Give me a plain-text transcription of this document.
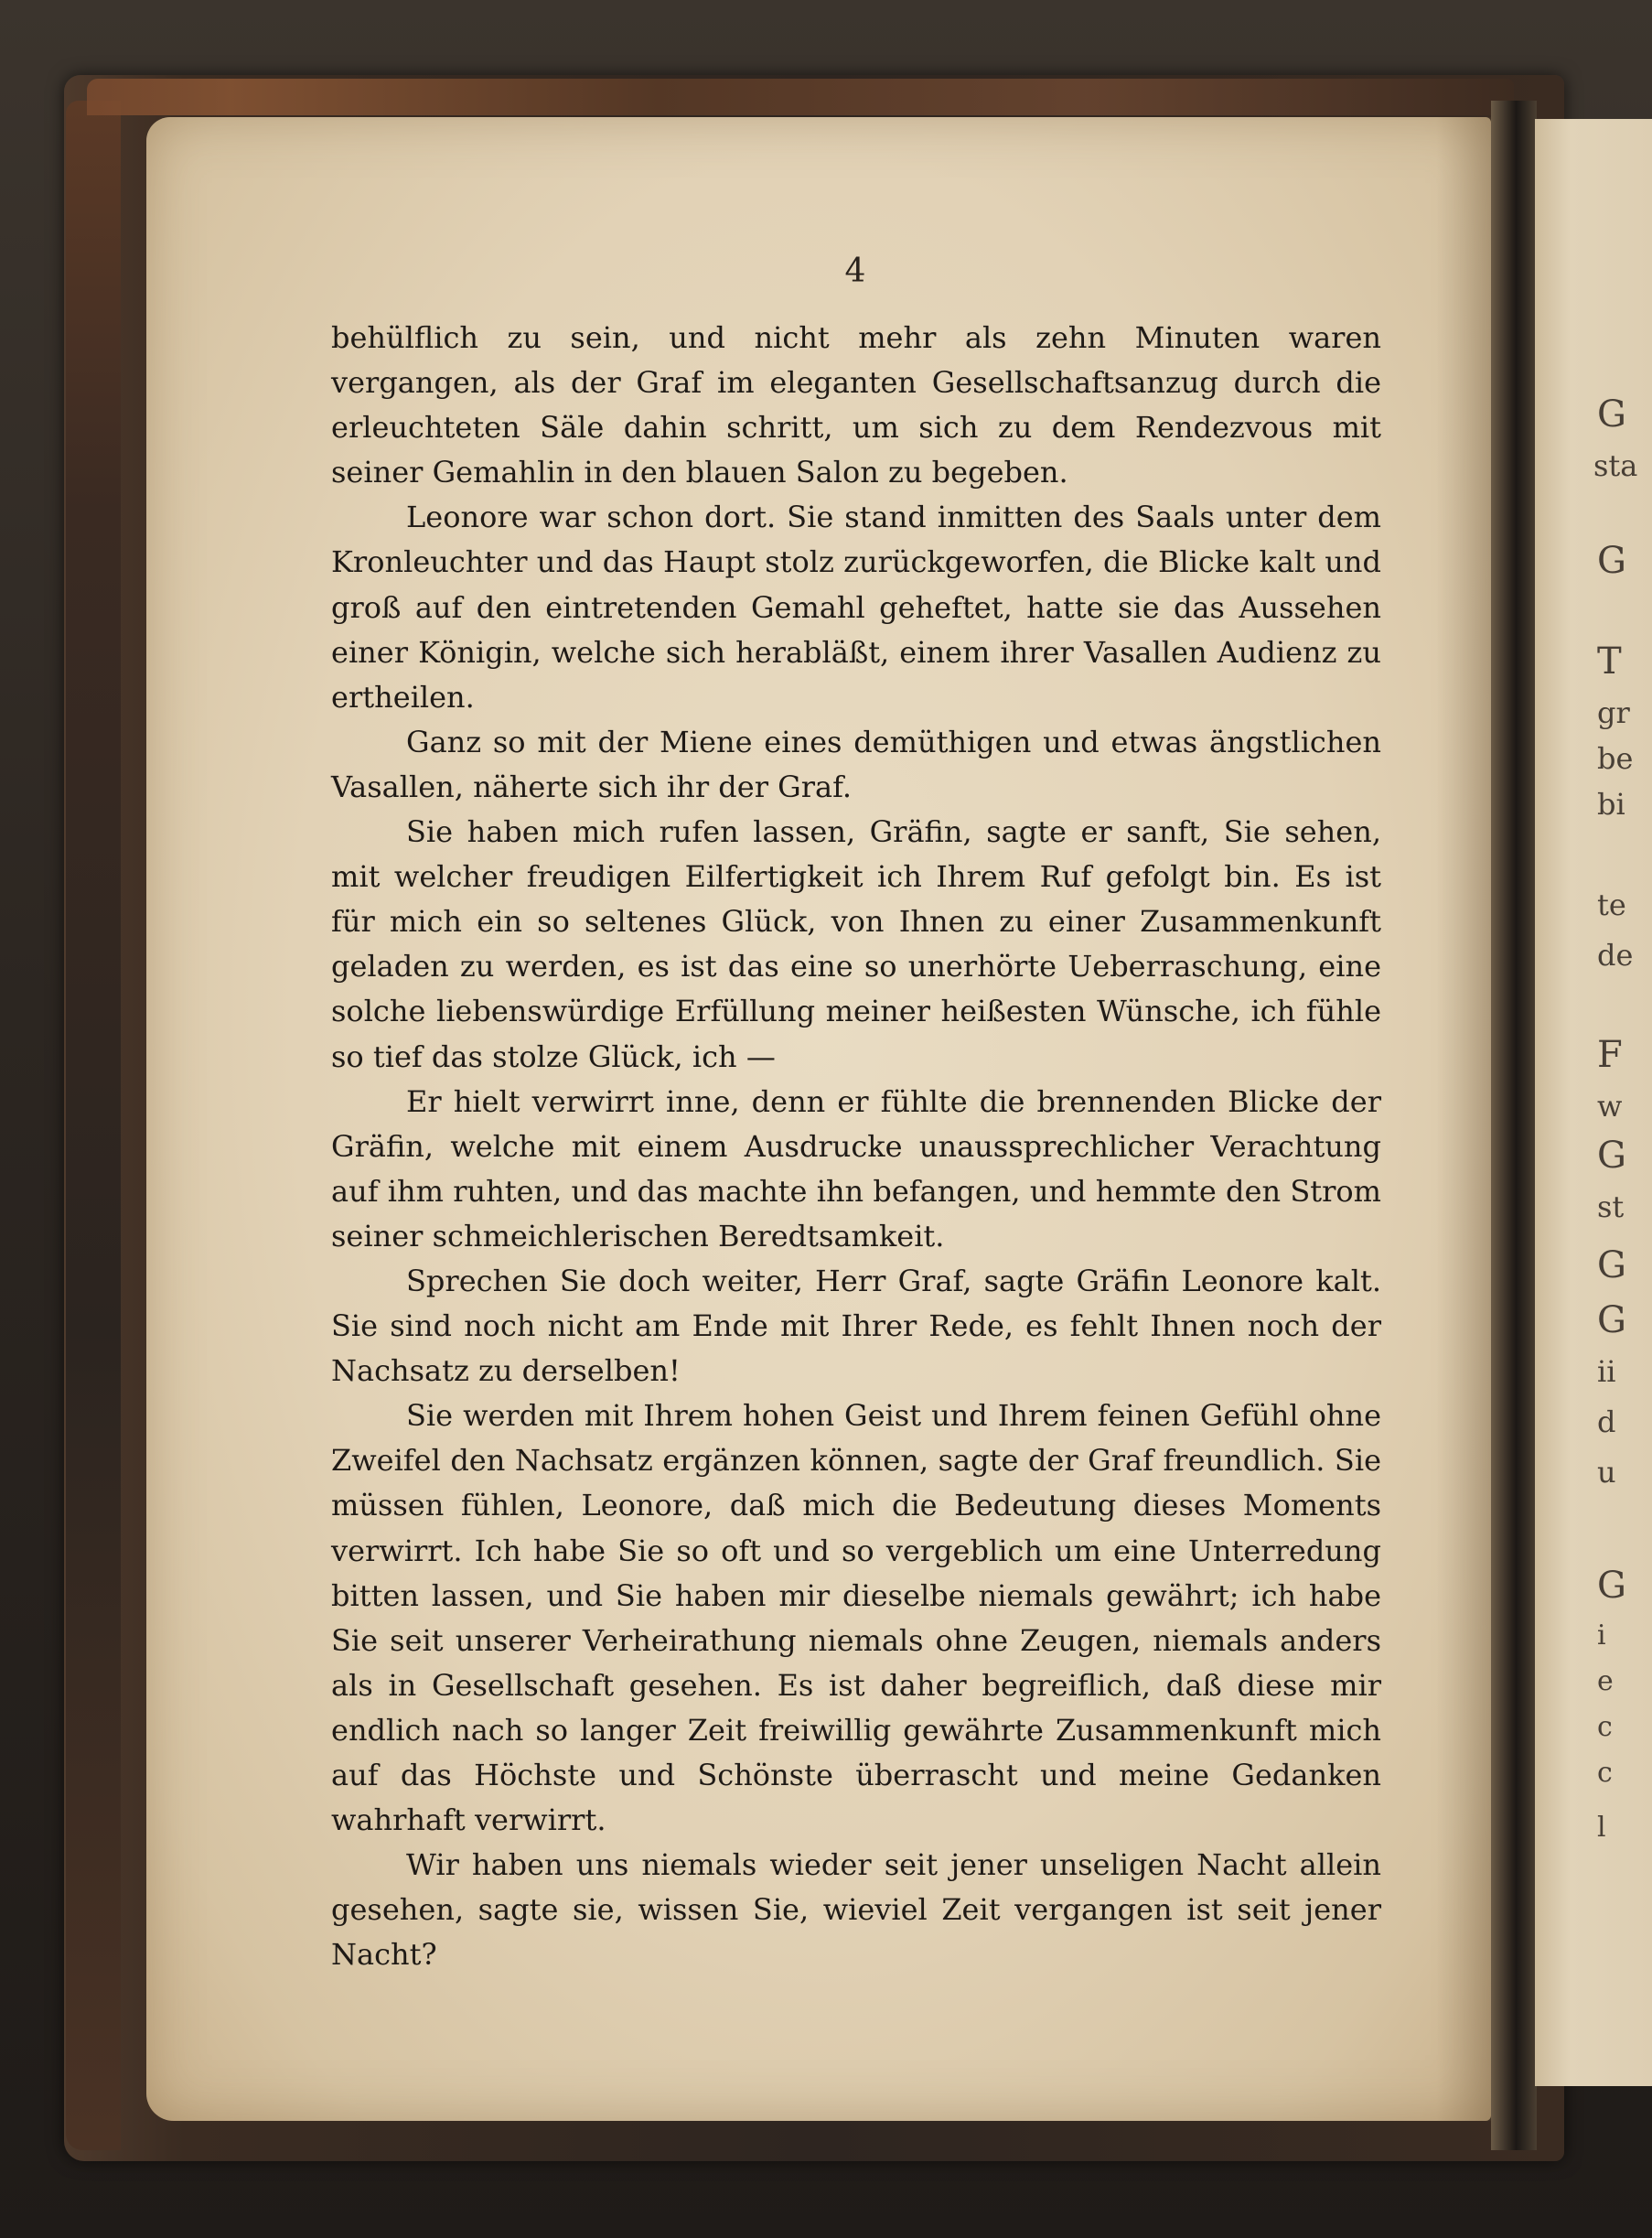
G
sta
G
T
gr
be
bi
te
de
F
w
G
st
G
G
ii
d
u
G
i
e
c
c
l
4

behülflich zu sein, und nicht mehr als zehn Minuten waren vergangen, als der Graf im eleganten Gesellschaftsanzug durch die erleuchteten Säle dahin schritt, um sich zu dem Rendezvous mit seiner Gemahlin in den blauen Salon zu begeben.

Leonore war schon dort. Sie stand inmitten des Saals unter dem Kronleuchter und das Haupt stolz zurückgeworfen, die Blicke kalt und groß auf den eintretenden Gemahl geheftet, hatte sie das Aussehen einer Königin, welche sich herabläßt, einem ihrer Vasallen Audienz zu ertheilen.

Ganz so mit der Miene eines demüthigen und etwas ängstlichen Vasallen, näherte sich ihr der Graf.

Sie haben mich rufen lassen, Gräfin, sagte er sanft, Sie sehen, mit welcher freudigen Eilfertigkeit ich Ihrem Ruf gefolgt bin. Es ist für mich ein so seltenes Glück, von Ihnen zu einer Zusammenkunft geladen zu werden, es ist das eine so unerhörte Ueberraschung, eine solche liebenswürdige Erfüllung meiner heißesten Wünsche, ich fühle so tief das stolze Glück, ich —

Er hielt verwirrt inne, denn er fühlte die brennenden Blicke der Gräfin, welche mit einem Ausdrucke unaussprechlicher Verachtung auf ihm ruhten, und das machte ihn befangen, und hemmte den Strom seiner schmeichlerischen Beredtsamkeit.

Sprechen Sie doch weiter, Herr Graf, sagte Gräfin Leonore kalt. Sie sind noch nicht am Ende mit Ihrer Rede, es fehlt Ihnen noch der Nachsatz zu derselben!

Sie werden mit Ihrem hohen Geist und Ihrem feinen Gefühl ohne Zweifel den Nachsatz ergänzen können, sagte der Graf freundlich. Sie müssen fühlen, Leonore, daß mich die Bedeutung dieses Moments verwirrt. Ich habe Sie so oft und so vergeblich um eine Unterredung bitten lassen, und Sie haben mir dieselbe niemals gewährt; ich habe Sie seit unserer Verheirathung niemals ohne Zeugen, niemals anders als in Gesellschaft gesehen. Es ist daher begreiflich, daß diese mir endlich nach so langer Zeit freiwillig gewährte Zusammenkunft mich auf das Höchste und Schönste überrascht und meine Gedanken wahrhaft verwirrt.

Wir haben uns niemals wieder seit jener unseligen Nacht allein gesehen, sagte sie, wissen Sie, wieviel Zeit vergangen ist seit jener Nacht?
